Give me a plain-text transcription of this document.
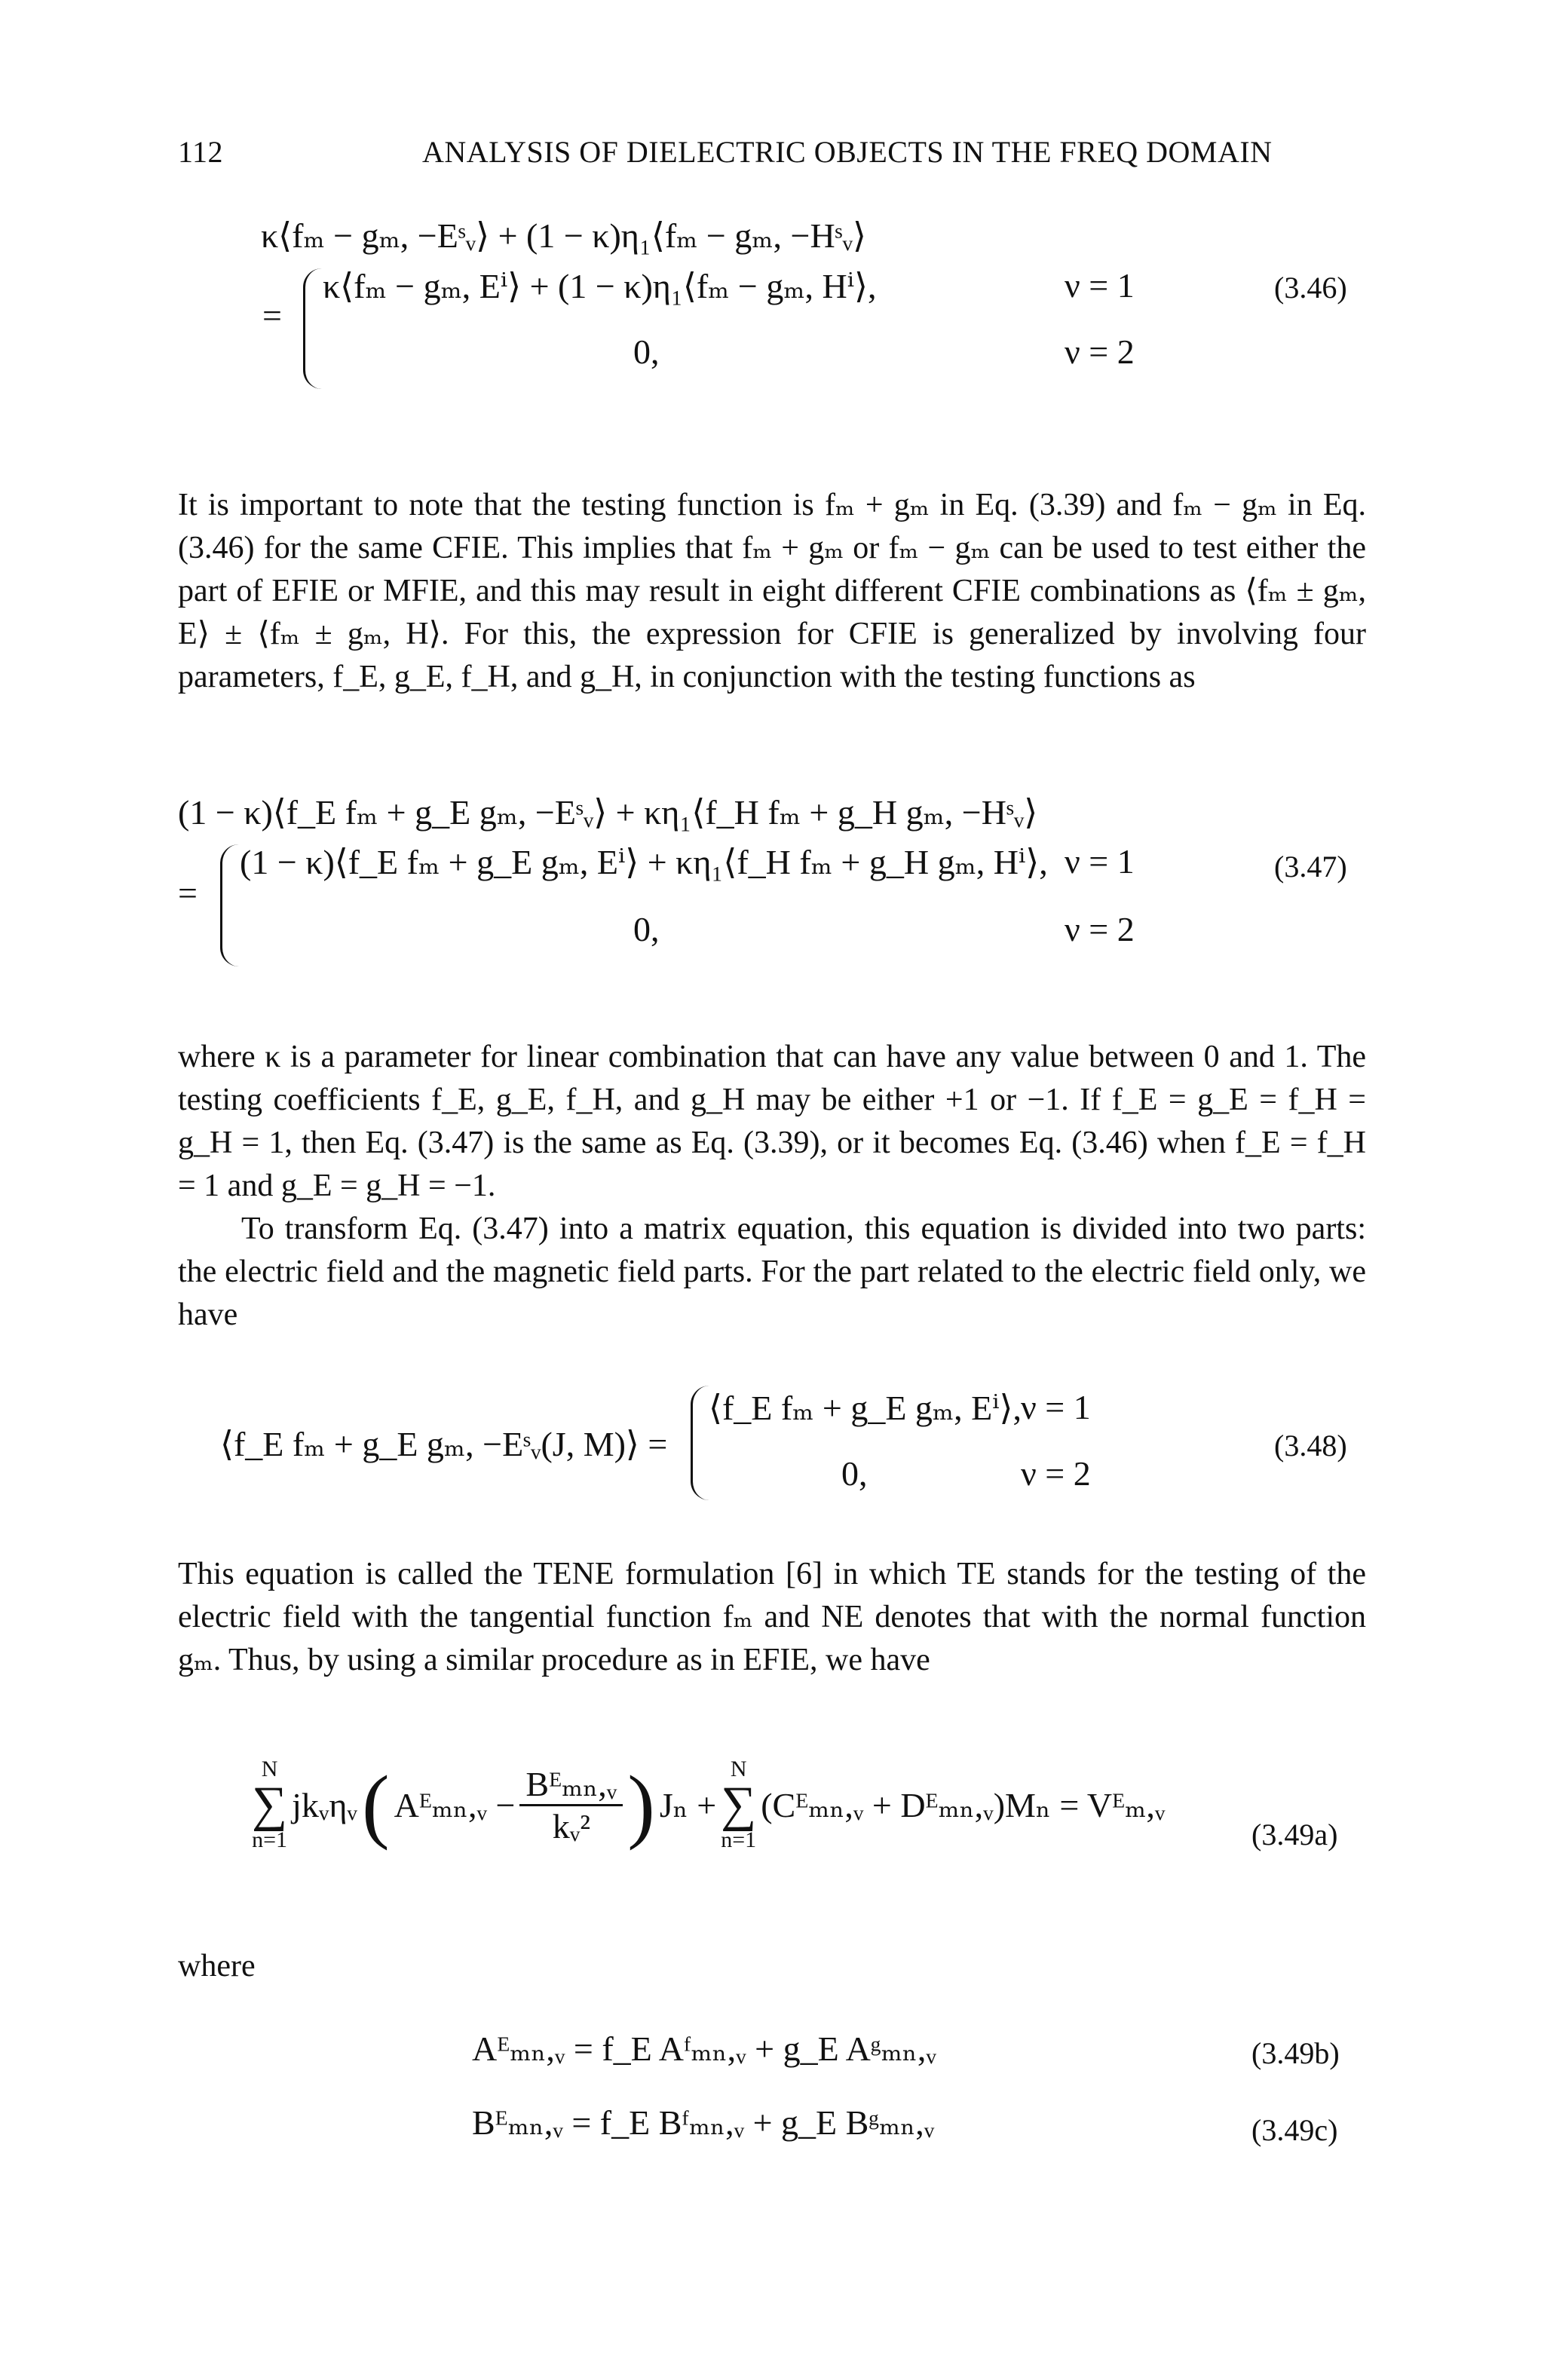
112	ANALYSIS OF DIELECTRIC OBJECTS IN THE FREQ DOMAIN
κ⟨fₘ − gₘ, −Eˢᵥ⟩ + (1 − κ)η₁⟨fₘ − gₘ, −Hˢᵥ⟩
=
κ⟨fₘ − gₘ, Eⁱ⟩ + (1 − κ)η₁⟨fₘ − gₘ, Hⁱ⟩,	ν = 1
0,	ν = 2
(3.46)

It is important to note that the testing function is fₘ + gₘ in Eq. (3.39) and fₘ − gₘ in Eq. (3.46) for the same CFIE. This implies that fₘ + gₘ or fₘ − gₘ can be used to test either the part of EFIE or MFIE, and this may result in eight different CFIE combinations as ⟨fₘ ± gₘ, E⟩ ± ⟨fₘ ± gₘ, H⟩. For this, the expression for CFIE is generalized by involving four parameters, f_E, g_E, f_H, and g_H, in conjunction with the testing functions as

(1 − κ)⟨f_E fₘ + g_E gₘ, −Eˢᵥ⟩ + κη₁⟨f_H fₘ + g_H gₘ, −Hˢᵥ⟩
=
(1 − κ)⟨f_E fₘ + g_E gₘ, Eⁱ⟩ + κη₁⟨f_H fₘ + g_H gₘ, Hⁱ⟩, ν = 1
0,	ν = 2
(3.47)

where κ is a parameter for linear combination that can have any value between 0 and 1. The testing coefficients f_E, g_E, f_H, and g_H may be either +1 or −1. If f_E = g_E = f_H = g_H = 1, then Eq. (3.47) is the same as Eq. (3.39), or it becomes Eq. (3.46) when f_E = f_H = 1 and g_E = g_H = −1.

To transform Eq. (3.47) into a matrix equation, this equation is divided into two parts: the electric field and the magnetic field parts. For the part related to the electric field only, we have

⟨f_E fₘ + g_E gₘ, −Eˢᵥ(J, M)⟩ =
⟨f_E fₘ + g_E gₘ, Eⁱ⟩, ν = 1
0,	ν = 2
(3.48)

This equation is called the TENE formulation [6] in which TE stands for the testing of the electric field with the tangential function fₘ and NE denotes that with the normal function gₘ. Thus, by using a similar procedure as in EFIE, we have

N
∑
n=1
jkᵥηᵥ ( Aᴱₘₙ,ᵥ − $\frac{\text{Bᴱₘₙ,ᵥ}}{\text{kᵥ²}}$ ) Jₙ +
N
∑
n=1
(Cᴱₘₙ,ᵥ + Dᴱₘₙ,ᵥ)Mₙ = Vᴱₘ,ᵥ
(3.49a)
where
Aᴱₘₙ,ᵥ = f_E Aᶠₘₙ,ᵥ + g_E Aᵍₘₙ,ᵥ	(3.49b)
Bᴱₘₙ,ᵥ = f_E Bᶠₘₙ,ᵥ + g_E Bᵍₘₙ,ᵥ	(3.49c)
